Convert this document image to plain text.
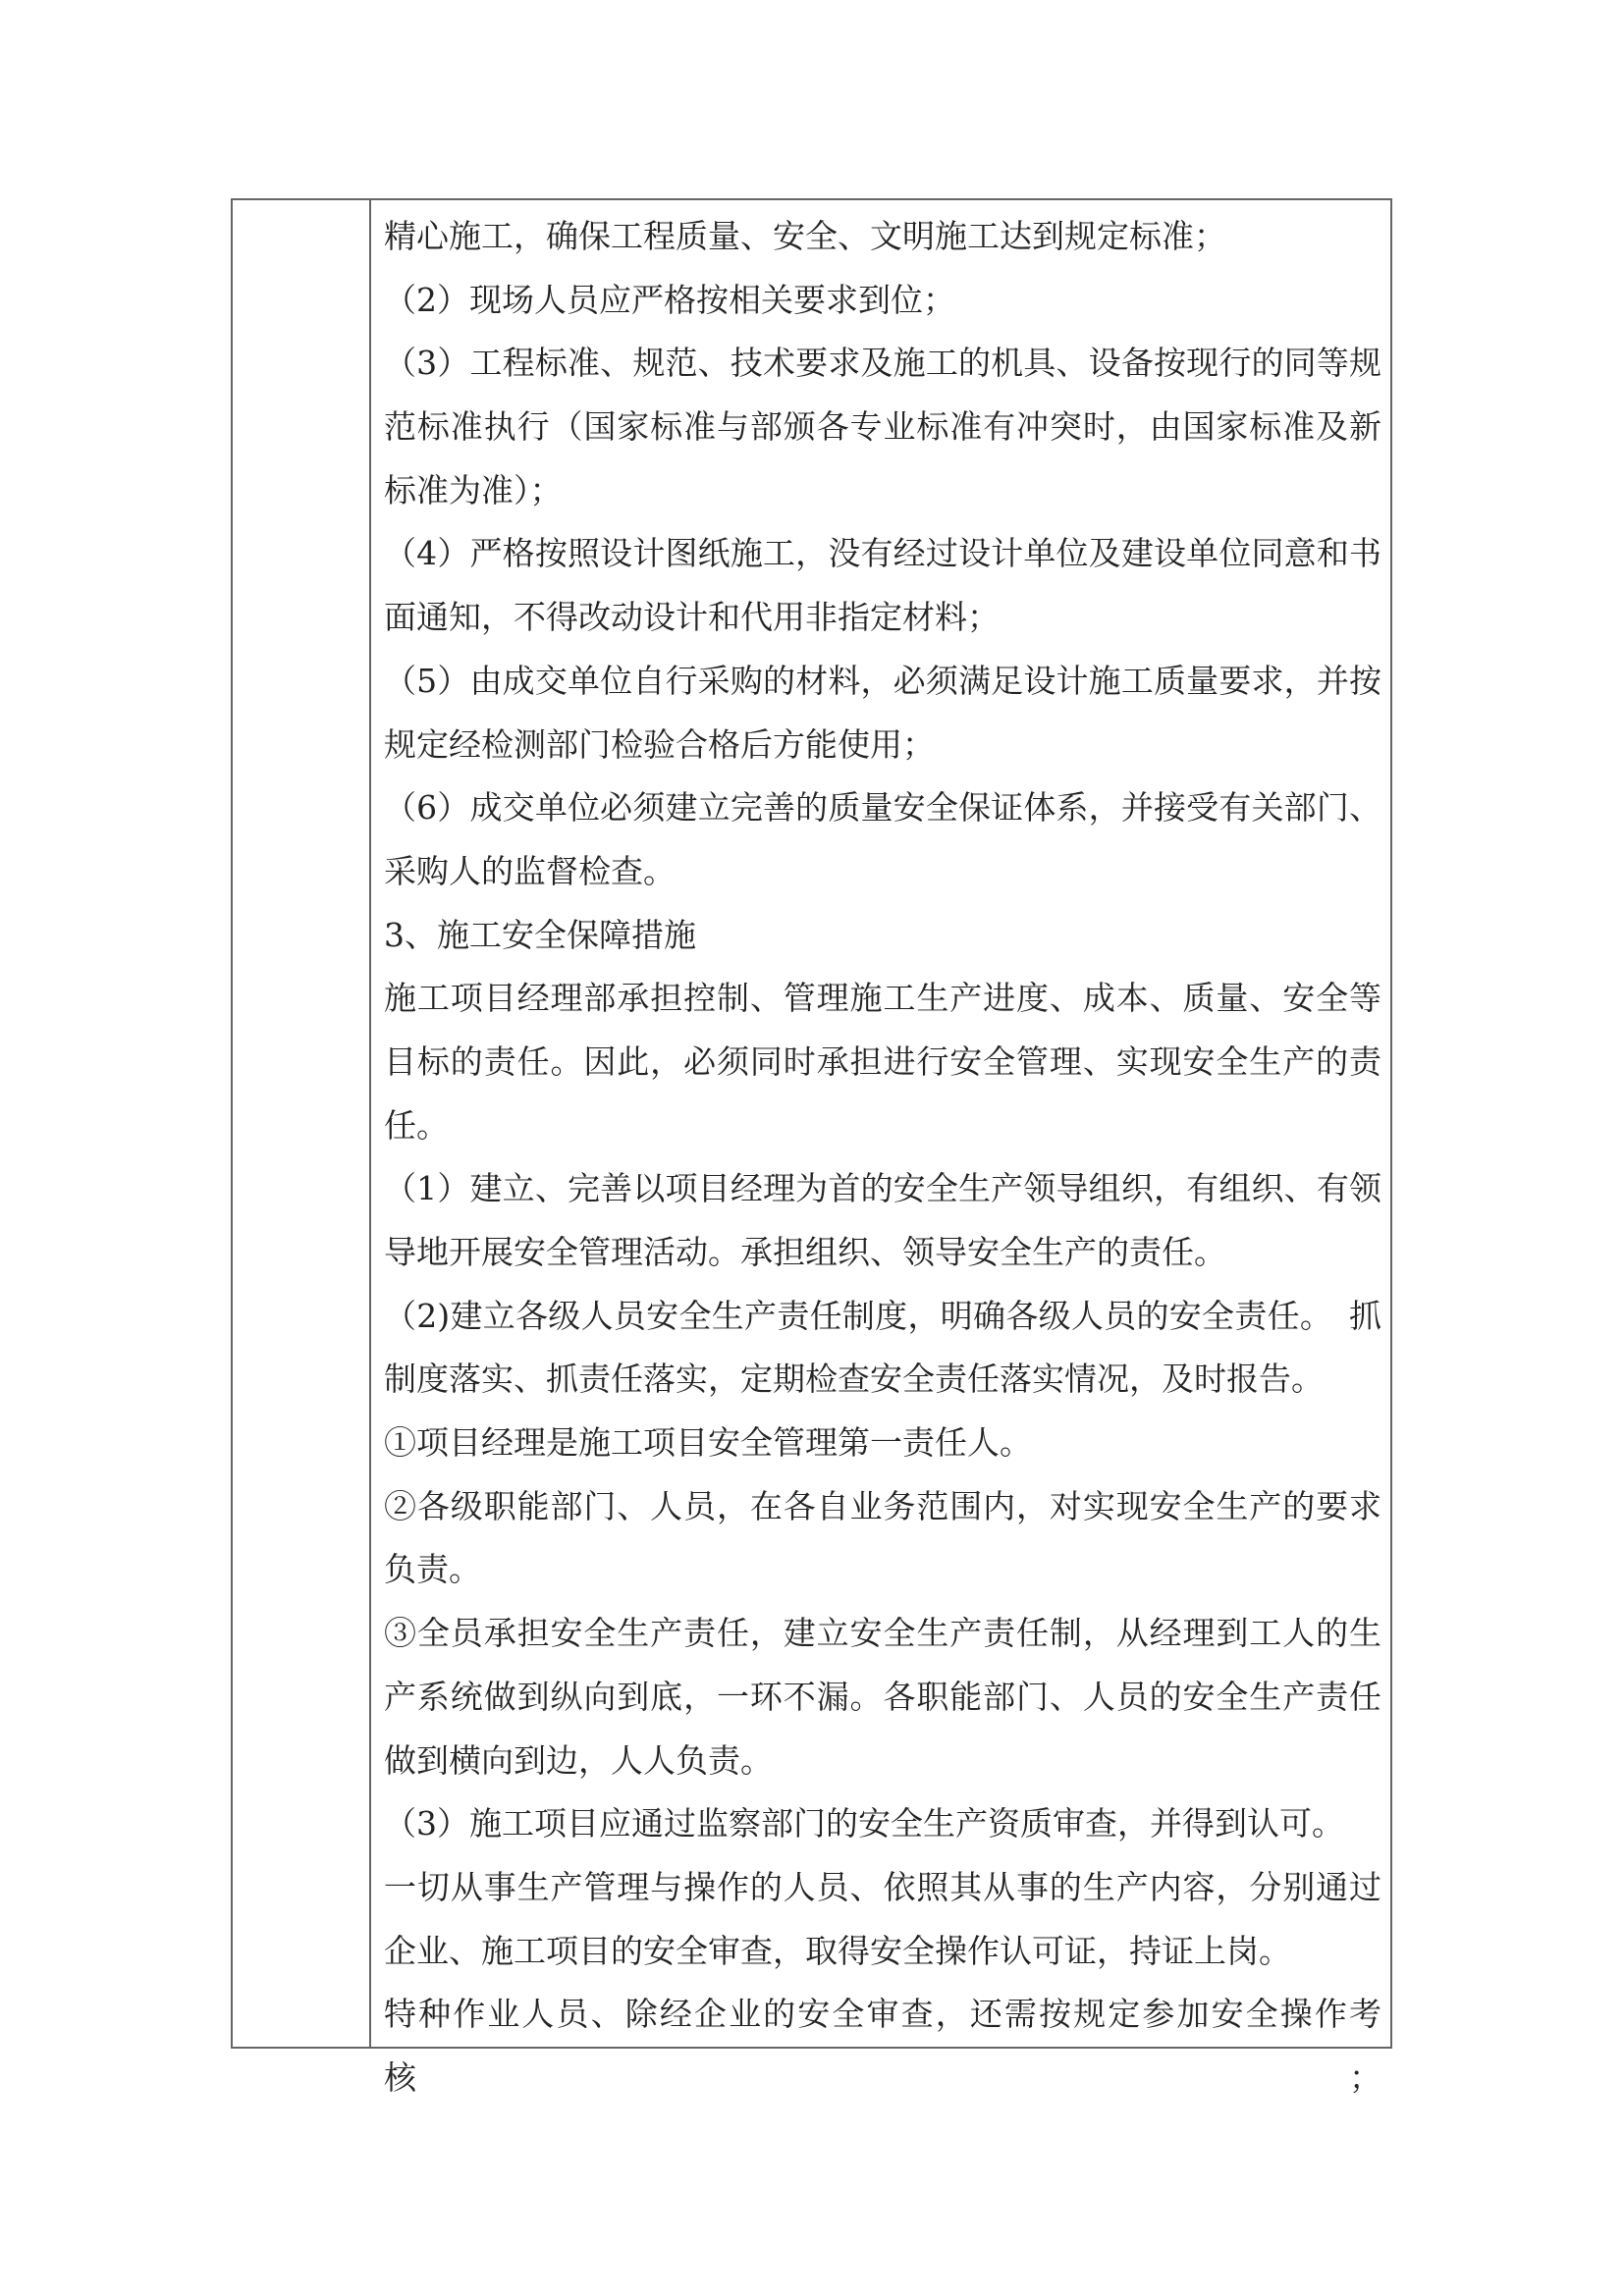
精心施工，确保工程质量、安全、文明施工达到规定标准；
（2）现场人员应严格按相关要求到位；
（3）工程标准、规范、技术要求及施工的机具、设备按现行的同等规
范标准执行（国家标准与部颁各专业标准有冲突时，由国家标准及新
标准为准）；
（4）严格按照设计图纸施工，没有经过设计单位及建设单位同意和书
面通知，不得改动设计和代用非指定材料；
（5）由成交单位自行采购的材料，必须满足设计施工质量要求，并按
规定经检测部门检验合格后方能使用；
（6）成交单位必须建立完善的质量安全保证体系，并接受有关部门、
采购人的监督检查。
3、施工安全保障措施
施工项目经理部承担控制、管理施工生产进度、成本、质量、安全等
目标的责任。因此，必须同时承担进行安全管理、实现安全生产的责
任。
（1）建立、完善以项目经理为首的安全生产领导组织，有组织、有领
导地开展安全管理活动。承担组织、领导安全生产的责任。
（2)建立各级人员安全生产责任制度，明确各级人员的安全责任。　抓
制度落实、抓责任落实，定期检查安全责任落实情况，及时报告。
①项目经理是施工项目安全管理第一责任人。
②各级职能部门、人员，在各自业务范围内，对实现安全生产的要求
负责。
③全员承担安全生产责任，建立安全生产责任制，从经理到工人的生
产系统做到纵向到底，一环不漏。各职能部门、人员的安全生产责任
做到横向到边，人人负责。
（3）施工项目应通过监察部门的安全生产资质审查，并得到认可。
一切从事生产管理与操作的人员、依照其从事的生产内容，分别通过
企业、施工项目的安全审查，取得安全操作认可证，持证上岗。
特种作业人员、除经企业的安全审查，还需按规定参加安全操作考核；
